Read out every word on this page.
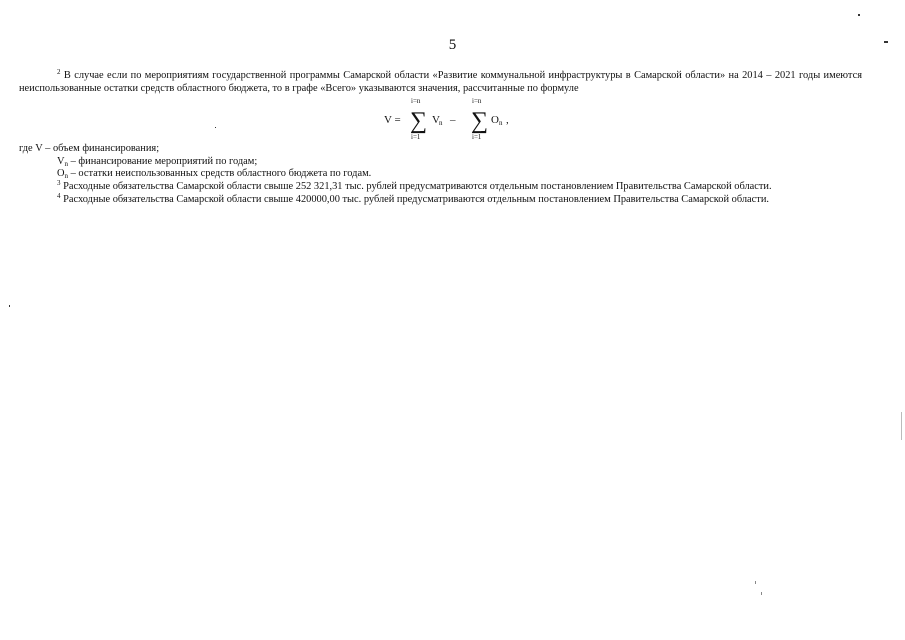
5

$^2$ В случае если по мероприятиям государственной программы Самарской области «Развитие коммунальной инфраструктуры в Самарской области» на 2014 – 2021 годы имеются неиспользованные остатки средств областного бюджета, то в графе «Всего» указываются значения, рассчитанные по формуле

V =
i=n
∑
i=1
V n –
i=n
∑
i=1
O n ,

где V – объем финансирования;

$V_n$ – финансирование мероприятий по годам;

$O_n$ – остатки неиспользованных средств областного бюджета по годам.

$^3$ Расходные обязательства Самарской области свыше 252 321,31 тыс. рублей предусматриваются отдельным постановлением Правительства Самарской области.

$^4$ Расходные обязательства Самарской области свыше 420000,00 тыс. рублей предусматриваются отдельным постановлением Правительства Самарской области.
